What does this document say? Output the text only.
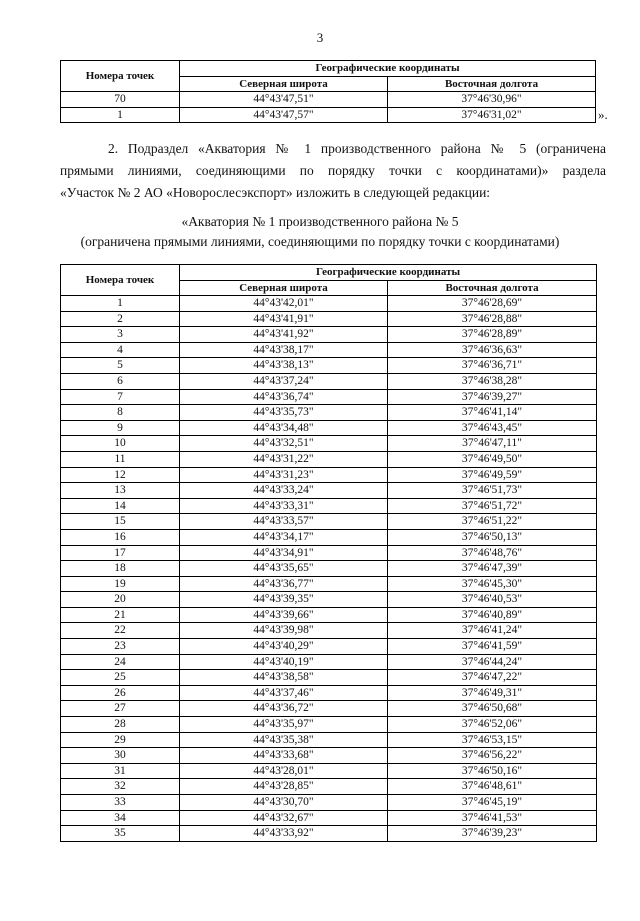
3
Номера точек	Географические координаты	
	Северная широта	Восточная долгота
70	44°43'47,51"	37°46'30,96"
1	44°43'47,57"	37°46'31,02"	».
2. Подраздел «Акватория № 1 производственного района № 5 (ограничена
прямыми линиями, соединяющими по порядку точки с координатами)» раздела
«Участок № 2 АО «Новорослесэкспорт» изложить в следующей редакции:
«Акватория № 1 производственного района № 5
(ограничена прямыми линиями, соединяющими по порядку точки с координатами)
Номера точек	Географические координаты	
	Северная широта	Восточная долгота
1	44°43'42,01"	37°46'28,69"
2	44°43'41,91"	37°46'28,88"
3	44°43'41,92"	37°46'28,89"
4	44°43'38,17"	37°46'36,63"
5	44°43'38,13"	37°46'36,71"
6	44°43'37,24"	37°46'38,28"
7	44°43'36,74"	37°46'39,27"
8	44°43'35,73"	37°46'41,14"
9	44°43'34,48"	37°46'43,45"
10	44°43'32,51"	37°46'47,11"
11	44°43'31,22"	37°46'49,50"
12	44°43'31,23"	37°46'49,59"
13	44°43'33,24"	37°46'51,73"
14	44°43'33,31"	37°46'51,72"
15	44°43'33,57"	37°46'51,22"
16	44°43'34,17"	37°46'50,13"
17	44°43'34,91"	37°46'48,76"
18	44°43'35,65"	37°46'47,39"
19	44°43'36,77"	37°46'45,30"
20	44°43'39,35"	37°46'40,53"
21	44°43'39,66"	37°46'40,89"
22	44°43'39,98"	37°46'41,24"
23	44°43'40,29"	37°46'41,59"
24	44°43'40,19"	37°46'44,24"
25	44°43'38,58"	37°46'47,22"
26	44°43'37,46"	37°46'49,31"
27	44°43'36,72"	37°46'50,68"
28	44°43'35,97"	37°46'52,06"
29	44°43'35,38"	37°46'53,15"
30	44°43'33,68"	37°46'56,22"
31	44°43'28,01"	37°46'50,16"
32	44°43'28,85"	37°46'48,61"
33	44°43'30,70"	37°46'45,19"
34	44°43'32,67"	37°46'41,53"
35	44°43'33,92"	37°46'39,23"
